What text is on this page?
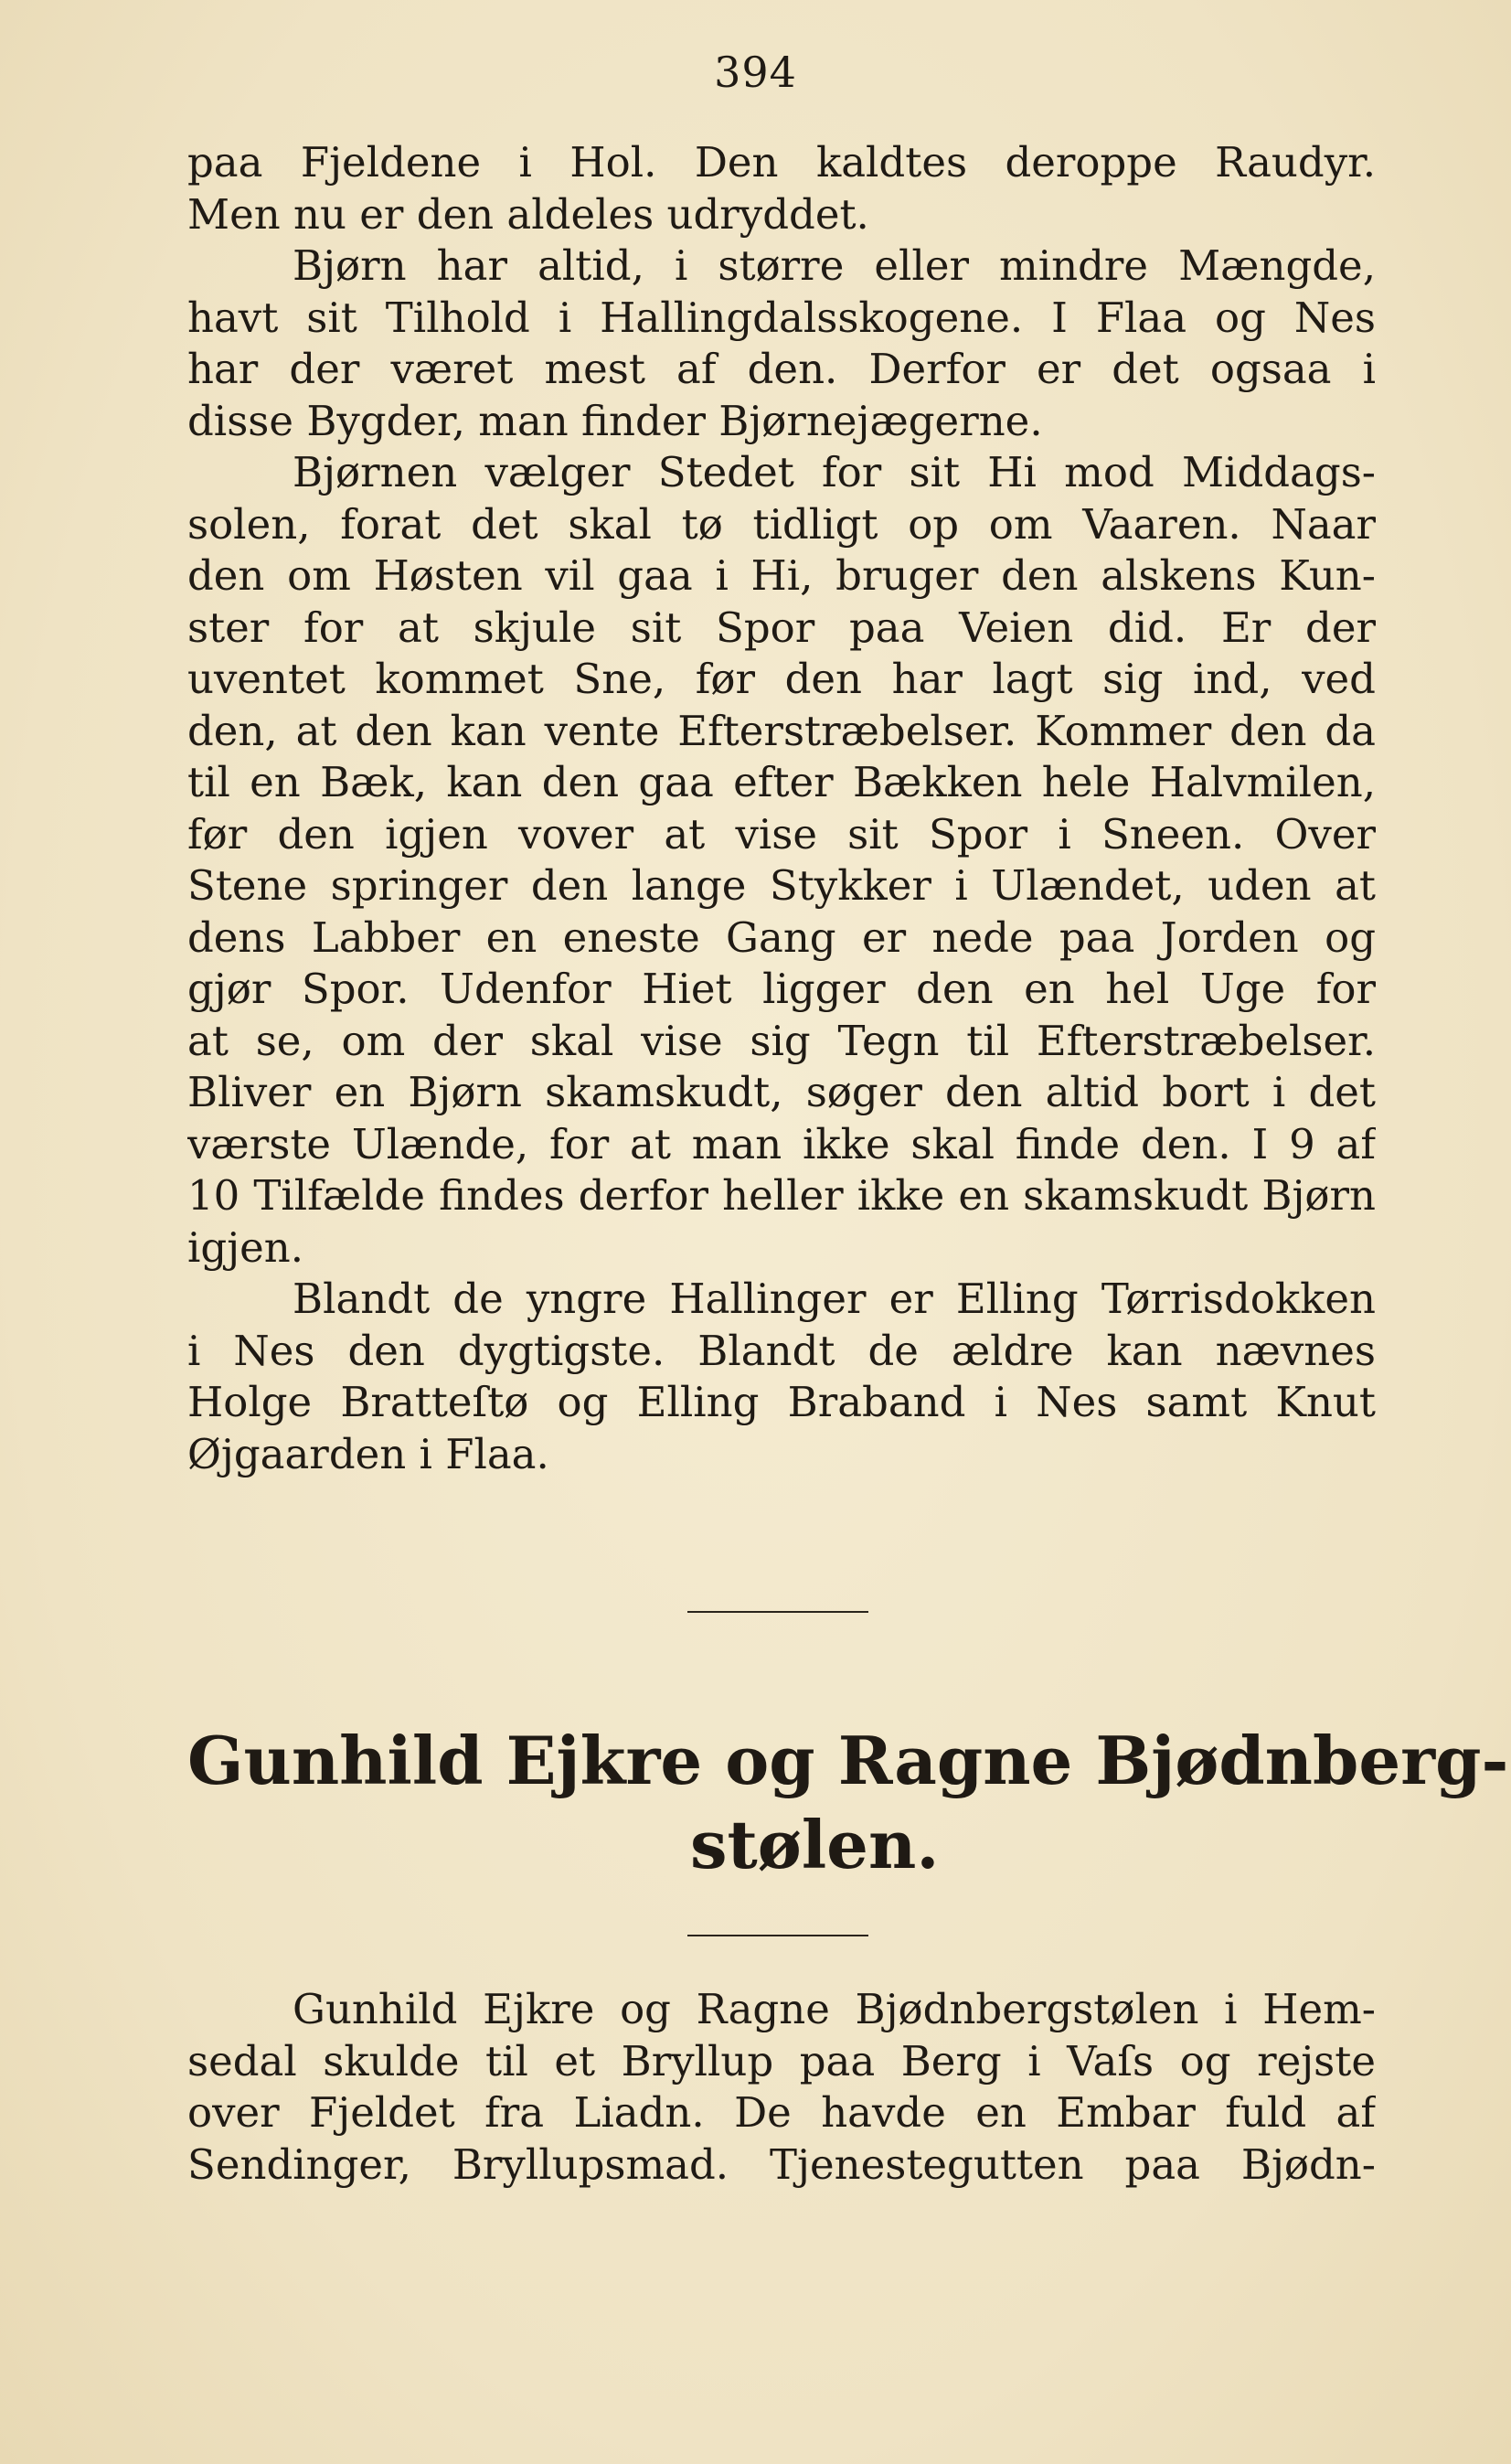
394
paa Fjeldene i Hol. Den kaldtes deroppe Raudyr.
Men nu er den aldeles udryddet.
Bjørn har altid, i større eller mindre Mængde,
havt sit Tilhold i Hallingdalsskogene. I Flaa og Nes
har der været mest af den. Derfor er det ogsaa i
disse Bygder, man finder Bjørnejægerne.
Bjørnen vælger Stedet for sit Hi mod Middags-
solen, forat det skal tø tidligt op om Vaaren. Naar
den om Høsten vil gaa i Hi, bruger den alskens Kun-
ster for at skjule sit Spor paa Veien did. Er der
uventet kommet Sne, før den har lagt sig ind, ved
den, at den kan vente Efterstræbelser. Kommer den da
til en Bæk, kan den gaa efter Bækken hele Halvmilen,
før den igjen vover at vise sit Spor i Sneen. Over
Stene springer den lange Stykker i Ulændet, uden at
dens Labber en eneste Gang er nede paa Jorden og
gjør Spor. Udenfor Hiet ligger den en hel Uge for
at se, om der skal vise sig Tegn til Efterstræbelser.
Bliver en Bjørn skamskudt, søger den altid bort i det
værste Ulænde, for at man ikke skal finde den. I 9 af
10 Tilfælde findes derfor heller ikke en skamskudt Bjørn
igjen.
Blandt de yngre Hallinger er Elling Tørrisdokken
i Nes den dygtigste. Blandt de ældre kan nævnes
Holge Bratteſtø og Elling Braband i Nes samt Knut
Øjgaarden i Flaa.
Gunhild Ejkre og Ragne Bjødnberg-
stølen.
Gunhild Ejkre og Ragne Bjødnbergstølen i Hem-
sedal skulde til et Bryllup paa Berg i Vaſs og rejste
over Fjeldet fra Liadn. De havde en Embar fuld af
Sendinger, Bryllupsmad. Tjenestegutten paa Bjødn-
